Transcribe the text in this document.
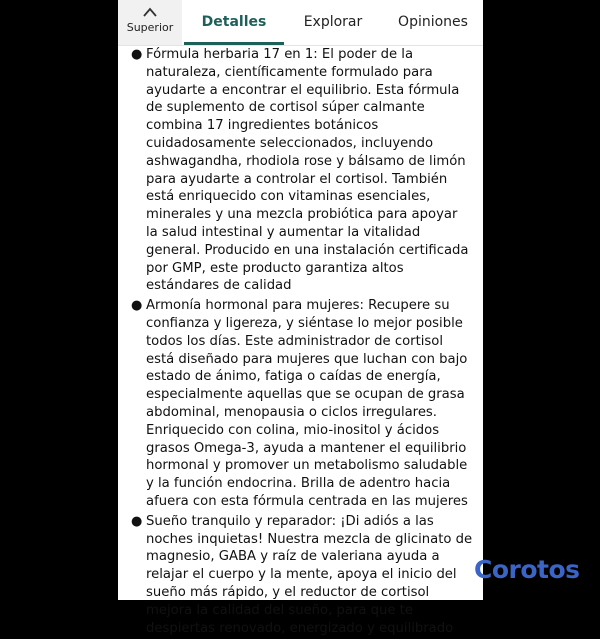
Superior	Detalles	Explorar	Opiniones
● Fórmula herbaria 17 en 1: El poder de la naturaleza, científicamente formulado para ayudarte a encontrar el equilibrio. Esta fórmula de suplemento de cortisol súper calmante combina 17 ingredientes botánicos cuidadosamente seleccionados, incluyendo ashwagandha, rhodiola rose y bálsamo de limón para ayudarte a controlar el cortisol. También está enriquecido con vitaminas esenciales, minerales y una mezcla probiótica para apoyar la salud intestinal y aumentar la vitalidad general. Producido en una instalación certificada por GMP, este producto garantiza altos estándares de calidad
● Armonía hormonal para mujeres: Recupere su confianza y ligereza, y siéntase lo mejor posible todos los días. Este administrador de cortisol está diseñado para mujeres que luchan con bajo estado de ánimo, fatiga o caídas de energía, especialmente aquellas que se ocupan de grasa abdominal, menopausia o ciclos irregulares. Enriquecido con colina, mio-inositol y ácidos grasos Omega-3, ayuda a mantener el equilibrio hormonal y promover un metabolismo saludable y la función endocrina. Brilla de adentro hacia afuera con esta fórmula centrada en las mujeres
● Sueño tranquilo y reparador: ¡Di adiós a las noches inquietas! Nuestra mezcla de glicinato de magnesio, GABA y raíz de valeriana ayuda a relajar el cuerpo y la mente, apoya el inicio del sueño más rápido, y el reductor de cortisol mejora la calidad del sueño, para que te despiertas renovado, energizado y equilibrado
Corotos
